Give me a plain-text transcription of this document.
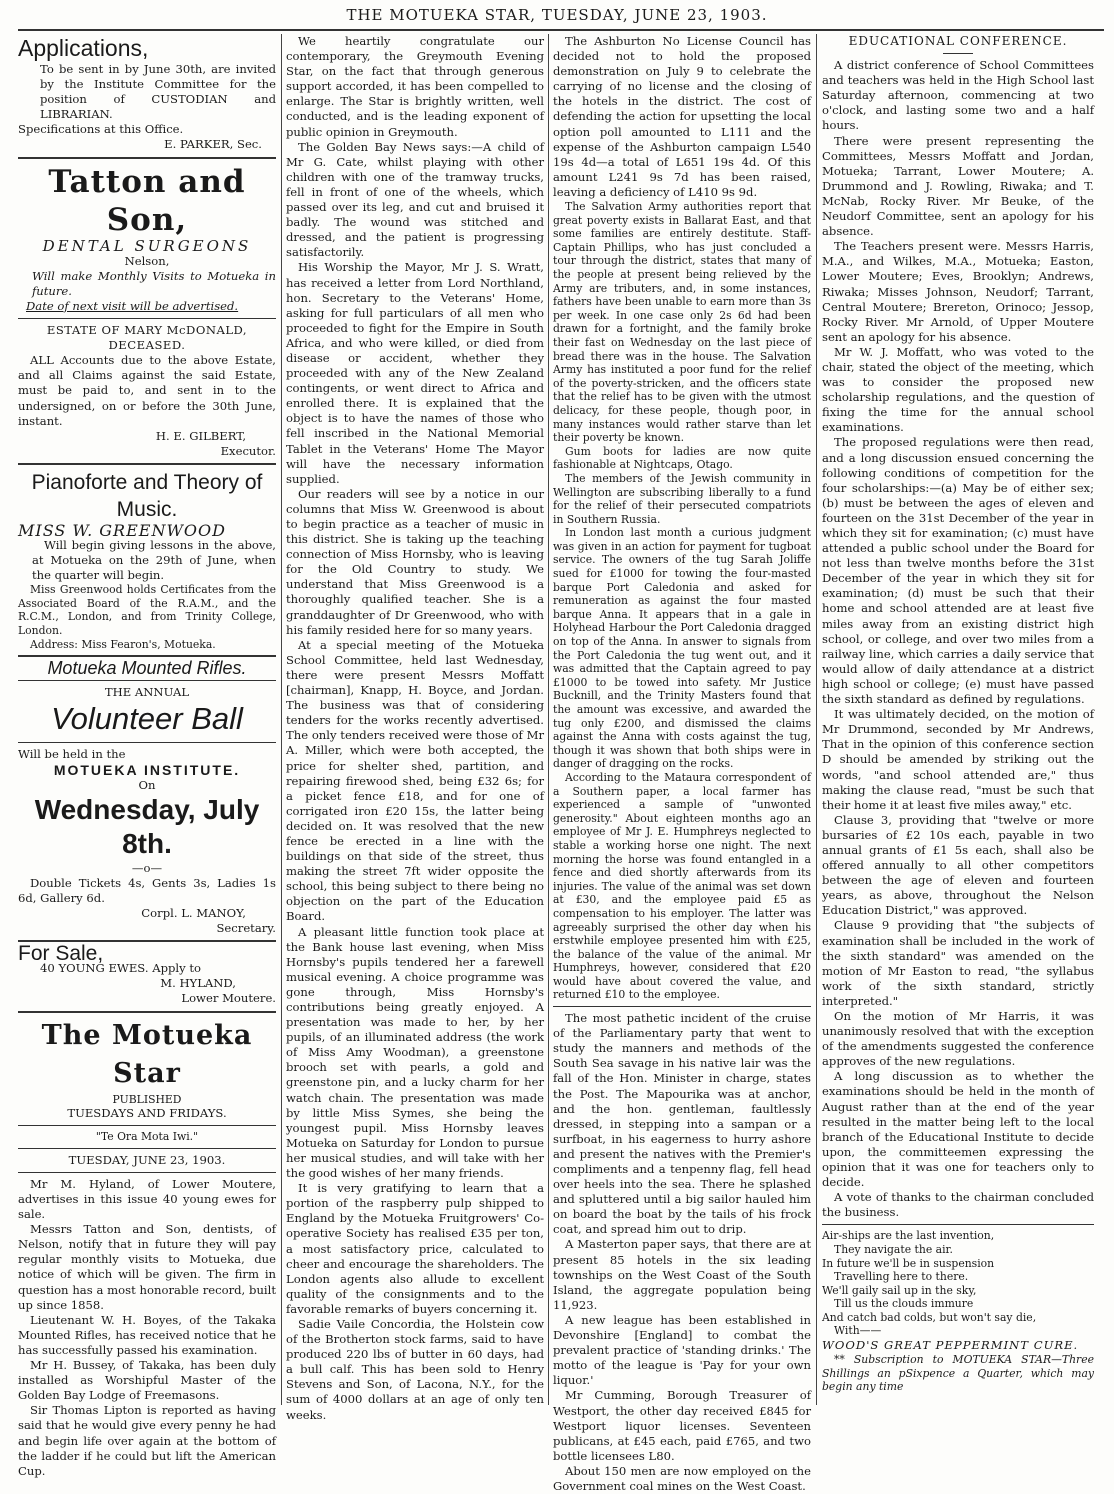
THE MOTUEKA STAR, TUESDAY, JUNE 23, 1903.
Applications,

To be sent in by June 30th, are invited by the Institute Committee for the position of CUSTODIAN and LIBRARIAN.

Specifications at this Office.

E. PARKER, Sec.

Tatton and Son,
DENTAL SURGEONS

Nelson,

Will make Monthly Visits to Motueka in future.

Date of next visit will be advertised.

ESTATE OF MARY McDONALD, DECEASED.

ALL Accounts due to the above Estate, and all Claims against the said Estate, must be paid to, and sent in to the undersigned, on or before the 30th June, instant.

H. E. GILBERT,

Executor.

Pianoforte and Theory of Music.
MISS W. GREENWOOD

Will begin giving lessons in the above, at Motueka on the 29th of June, when the quarter will begin.

Miss Greenwood holds Certificates from the Associated Board of the R.A.M., and the R.C.M., London, and from Trinity College, London.

Address: Miss Fearon's, Motueka.

Motueka Mounted Rifles.

THE ANNUAL

Volunteer Ball

Will be held in the

MOTUEKA INSTITUTE.

On

Wednesday, July 8th.

—o—

Double Tickets 4s, Gents 3s, Ladies 1s 6d, Gallery 6d.

Corpl. L. MANOY,

Secretary.

For Sale,

40 YOUNG EWES. Apply to

M. HYLAND,

Lower Moutere.

The Motueka Star

PUBLISHED

TUESDAYS AND FRIDAYS.

"Te Ora Mota Iwi."

TUESDAY, JUNE 23, 1903.

Mr M. Hyland, of Lower Moutere, advertises in this issue 40 young ewes for sale.

Messrs Tatton and Son, dentists, of Nelson, notify that in future they will pay regular monthly visits to Motueka, due notice of which will be given. The firm in question has a most honorable record, built up since 1858.

Lieutenant W. H. Boyes, of the Takaka Mounted Rifles, has received notice that he has successfully passed his examination.

Mr H. Bussey, of Takaka, has been duly installed as Worshipful Master of the Golden Bay Lodge of Freemasons.

Sir Thomas Lipton is reported as having said that he would give every penny he had and begin life over again at the bottom of the ladder if he could but lift the American Cup.

We heartily congratulate our contemporary, the Greymouth Evening Star, on the fact that through generous support accorded, it has been compelled to enlarge. The Star is brightly written, well conducted, and is the leading exponent of public opinion in Greymouth.

The Golden Bay News says:—A child of Mr G. Cate, whilst playing with other children with one of the tramway trucks, fell in front of one of the wheels, which passed over its leg, and cut and bruised it badly. The wound was stitched and dressed, and the patient is progressing satisfactorily.

His Worship the Mayor, Mr J. S. Wratt, has received a letter from Lord Northland, hon. Secretary to the Veterans' Home, asking for full particulars of all men who proceeded to fight for the Empire in South Africa, and who were killed, or died from disease or accident, whether they proceeded with any of the New Zealand contingents, or went direct to Africa and enrolled there. It is explained that the object is to have the names of those who fell inscribed in the National Memorial Tablet in the Veterans' Home The Mayor will have the necessary information supplied.

Our readers will see by a notice in our columns that Miss W. Greenwood is about to begin practice as a teacher of music in this district. She is taking up the teaching connection of Miss Hornsby, who is leaving for the Old Country to study. We understand that Miss Greenwood is a thoroughly qualified teacher. She is a granddaughter of Dr Greenwood, who with his family resided here for so many years.

At a special meeting of the Motueka School Committee, held last Wednesday, there were present Messrs Moffatt [chairman], Knapp, H. Boyce, and Jordan. The business was that of considering tenders for the works recently advertised. The only tenders received were those of Mr A. Miller, which were both accepted, the price for shelter shed, partition, and repairing firewood shed, being £32 6s; for a picket fence £18, and for one of corrigated iron £20 15s, the latter being decided on. It was resolved that the new fence be erected in a line with the buildings on that side of the street, thus making the street 7ft wider opposite the school, this being subject to there being no objection on the part of the Education Board.

A pleasant little function took place at the Bank house last evening, when Miss Hornsby's pupils tendered her a farewell musical evening. A choice programme was gone through, Miss Hornsby's contributions being greatly enjoyed. A presentation was made to her, by her pupils, of an illuminated address (the work of Miss Amy Woodman), a greenstone brooch set with pearls, a gold and greenstone pin, and a lucky charm for her watch chain. The presentation was made by little Miss Symes, she being the youngest pupil. Miss Hornsby leaves Motueka on Saturday for London to pursue her musical studies, and will take with her the good wishes of her many friends.

It is very gratifying to learn that a portion of the raspberry pulp shipped to England by the Motueka Fruitgrowers' Co-operative Society has realised £35 per ton, a most satisfactory price, calculated to cheer and encourage the shareholders. The London agents also allude to excellent quality of the consignments and to the favorable remarks of buyers concerning it.

Sadie Vaile Concordia, the Holstein cow of the Brotherton stock farms, said to have produced 220 lbs of butter in 60 days, had a bull calf. This has been sold to Henry Stevens and Son, of Lacona, N.Y., for the sum of 4000 dollars at an age of only ten weeks.

The Ashburton No License Council has decided not to hold the proposed demonstration on July 9 to celebrate the carrying of no license and the closing of the hotels in the district. The cost of defending the action for upsetting the local option poll amounted to L111 and the expense of the Ashburton campaign L540 19s 4d—a total of L651 19s 4d. Of this amount L241 9s 7d has been raised, leaving a deficiency of L410 9s 9d.

The Salvation Army authorities report that great poverty exists in Ballarat East, and that some families are entirely destitute. Staff-Captain Phillips, who has just concluded a tour through the district, states that many of the people at present being relieved by the Army are tributers, and, in some instances, fathers have been unable to earn more than 3s per week. In one case only 2s 6d had been drawn for a fortnight, and the family broke their fast on Wednesday on the last piece of bread there was in the house. The Salvation Army has instituted a poor fund for the relief of the poverty-stricken, and the officers state that the relief has to be given with the utmost delicacy, for these people, though poor, in many instances would rather starve than let their poverty be known.

Gum boots for ladies are now quite fashionable at Nightcaps, Otago.

The members of the Jewish community in Wellington are subscribing liberally to a fund for the relief of their persecuted compatriots in Southern Russia.

In London last month a curious judgment was given in an action for payment for tugboat service. The owners of the tug Sarah Joliffe sued for £1000 for towing the four-masted barque Port Caledonia and asked for remuneration as against the four masted barque Anna. It appears that in a gale in Holyhead Harbour the Port Caledonia dragged on top of the Anna. In answer to signals from the Port Caledonia the tug went out, and it was admitted that the Captain agreed to pay £1000 to be towed into safety. Mr Justice Bucknill, and the Trinity Masters found that the amount was excessive, and awarded the tug only £200, and dismissed the claims against the Anna with costs against the tug, though it was shown that both ships were in danger of dragging on the rocks.

According to the Mataura correspondent of a Southern paper, a local farmer has experienced a sample of "unwonted generosity." About eighteen months ago an employee of Mr J. E. Humphreys neglected to stable a working horse one night. The next morning the horse was found entangled in a fence and died shortly afterwards from its injuries. The value of the animal was set down at £30, and the employee paid £5 as compensation to his employer. The latter was agreeably surprised the other day when his erstwhile employee presented him with £25, the balance of the value of the animal. Mr Humphreys, however, considered that £20 would have about covered the value, and returned £10 to the employee.

The most pathetic incident of the cruise of the Parliamentary party that went to study the manners and methods of the South Sea savage in his native lair was the fall of the Hon. Minister in charge, states the Post. The Mapourika was at anchor, and the hon. gentleman, faultlessly dressed, in stepping into a sampan or a surfboat, in his eagerness to hurry ashore and present the natives with the Premier's compliments and a tenpenny flag, fell head over heels into the sea. There he splashed and spluttered until a big sailor hauled him on board the boat by the tails of his frock coat, and spread him out to drip.

A Masterton paper says, that there are at present 85 hotels in the six leading townships on the West Coast of the South Island, the aggregate population being 11,923.

A new league has been established in Devonshire [England] to combat the prevalent practice of 'standing drinks.' The motto of the league is 'Pay for your own liquor.'

Mr Cumming, Borough Treasurer of Westport, the other day received £845 for Westport liquor licenses. Seventeen publicans, at £45 each, paid £765, and two bottle licensees L80.

About 150 men are now employed on the Government coal mines on the West Coast.

EDUCATIONAL CONFERENCE.

A district conference of School Committees and teachers was held in the High School last Saturday afternoon, commencing at two o'clock, and lasting some two and a half hours.

There were present representing the Committees, Messrs Moffatt and Jordan, Motueka; Tarrant, Lower Moutere; A. Drummond and J. Rowling, Riwaka; and T. McNab, Rocky River. Mr Beuke, of the Neudorf Committee, sent an apology for his absence.

The Teachers present were. Messrs Harris, M.A., and Wilkes, M.A., Motueka; Easton, Lower Moutere; Eves, Brooklyn; Andrews, Riwaka; Misses Johnson, Neudorf; Tarrant, Central Moutere; Brereton, Orinoco; Jessop, Rocky River. Mr Arnold, of Upper Moutere sent an apology for his absence.

Mr W. J. Moffatt, who was voted to the chair, stated the object of the meeting, which was to consider the proposed new scholarship regulations, and the question of fixing the time for the annual school examinations.

The proposed regulations were then read, and a long discussion ensued concerning the following conditions of competition for the four scholarships:—(a) May be of either sex; (b) must be between the ages of eleven and fourteen on the 31st December of the year in which they sit for examination; (c) must have attended a public school under the Board for not less than twelve months before the 31st December of the year in which they sit for examination; (d) must be such that their home and school attended are at least five miles away from an existing district high school, or college, and over two miles from a railway line, which carries a daily service that would allow of daily attendance at a district high school or college; (e) must have passed the sixth standard as defined by regulations.

It was ultimately decided, on the motion of Mr Drummond, seconded by Mr Andrews, That in the opinion of this conference section D should be amended by striking out the words, "and school attended are," thus making the clause read, "must be such that their home it at least five miles away," etc.

Clause 3, providing that "twelve or more bursaries of £2 10s each, payable in two annual grants of £1 5s each, shall also be offered annually to all other competitors between the age of eleven and fourteen years, as above, throughout the Nelson Education District," was approved.

Clause 9 providing that "the subjects of examination shall be included in the work of the sixth standard" was amended on the motion of Mr Easton to read, "the syllabus work of the sixth standard, strictly interpreted."

On the motion of Mr Harris, it was unanimously resolved that with the exception of the amendments suggested the conference approves of the new regulations.

A long discussion as to whether the examinations should be held in the month of August rather than at the end of the year resulted in the matter being left to the local branch of the Educational Institute to decide upon, the committeemen expressing the opinion that it was one for teachers only to decide.

A vote of thanks to the chairman concluded the business.

Air-ships are the last invention,
They navigate the air.
In future we'll be in suspension
Travelling here to there.
We'll gaily sail up in the sky,
Till us the clouds immure
And catch bad colds, but won't say die,
With——

WOOD'S GREAT PEPPERMINT CURE.

** Subscription to MOTUEKA STAR—Three Shillings an pSixpence a Quarter, which may begin any time
